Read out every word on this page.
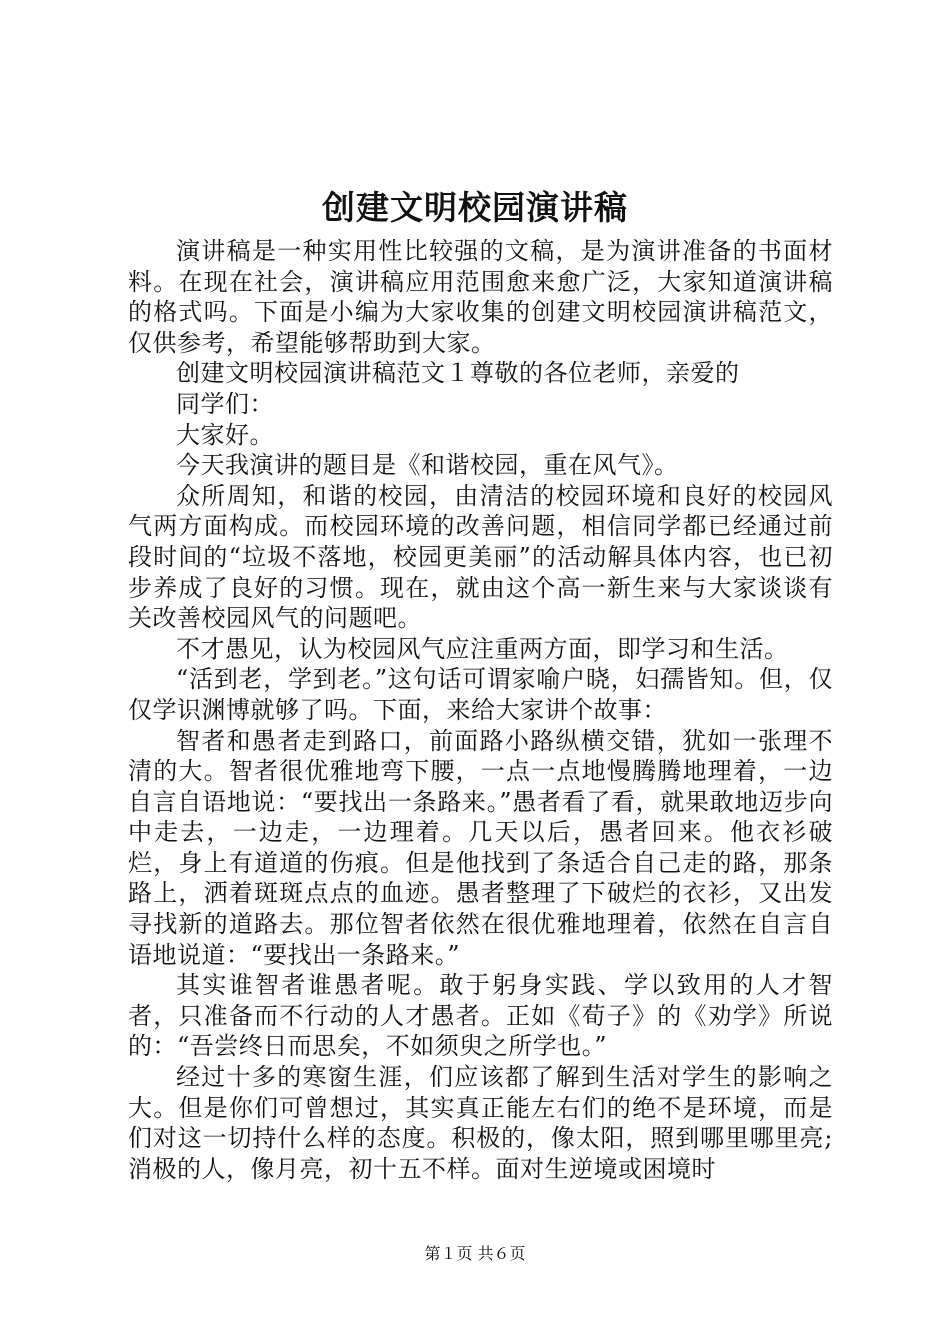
创建文明校园演讲稿

演讲稿是一种实用性比较强的文稿，是为演讲准备的书面材料。在现在社会，演讲稿应用范围愈来愈广泛，大家知道演讲稿的格式吗。下面是小编为大家收集的创建文明校园演讲稿范文，仅供参考，希望能够帮助到大家。

创建文明校园演讲稿范文１尊敬的各位老师，亲爱的

同学们：

大家好。

今天我演讲的题目是《和谐校园，重在风气》。

众所周知，和谐的校园，由清洁的校园环境和良好的校园风气两方面构成。而校园环境的改善问题，相信同学都已经通过前段时间的“垃圾不落地，校园更美丽”的活动解具体内容，也已初步养成了良好的习惯。现在，就由这个高一新生来与大家谈谈有关改善校园风气的问题吧。

不才愚见，认为校园风气应注重两方面，即学习和生活。

“活到老，学到老。”这句话可谓家喻户晓，妇孺皆知。但，仅仅学识渊博就够了吗。下面，来给大家讲个故事：

智者和愚者走到路口，前面路小路纵横交错，犹如一张理不清的大。智者很优雅地弯下腰，一点一点地慢腾腾地理着，一边自言自语地说：“要找出一条路来。”愚者看了看，就果敢地迈步向中走去，一边走，一边理着。几天以后，愚者回来。他衣衫破烂，身上有道道的伤痕。但是他找到了条适合自己走的路，那条路上，洒着斑斑点点的血迹。愚者整理了下破烂的衣衫，又出发寻找新的道路去。那位智者依然在很优雅地理着，依然在自言自语地说道：“要找出一条路来。”

其实谁智者谁愚者呢。敢于躬身实践、学以致用的人才智者，只准备而不行动的人才愚者。正如《荀子》的《劝学》所说的：“吾尝终日而思矣，不如须臾之所学也。”

经过十多的寒窗生涯，们应该都了解到生活对学生的影响之大。但是你们可曾想过，其实真正能左右们的绝不是环境，而是们对这一切持什么样的态度。积极的，像太阳，照到哪里哪里亮;消极的人，像月亮，初十五不样。面对生逆境或困境时

第１页 共６页
